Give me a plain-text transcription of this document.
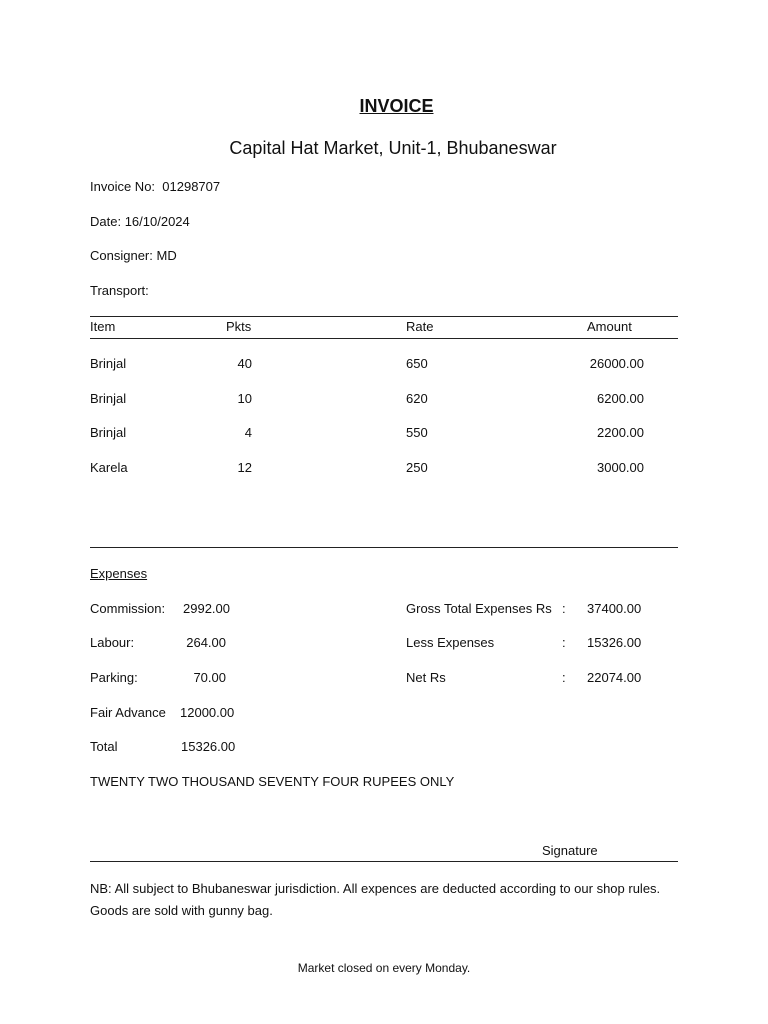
INVOICE
Capital Hat Market, Unit-1, Bhubaneswar
Invoice No: 01298707
Date: 16/10/2024
Consigner: MD
Transport:
Item	Pkts	Rate	Amount
Brinjal	40	650	26000.00
Brinjal	10	620	6200.00
Brinjal	4	550	2200.00
Karela	12	250	3000.00
Expenses
Commission:	2992.00
Labour:	264.00
Parking:	70.00
Fair Advance 12000.00
Total	15326.00
Gross Total Expenses Rs : 37400.00
Less Expenses	: 15326.00
Net Rs	: 22074.00
TWENTY TWO THOUSAND SEVENTY FOUR RUPEES ONLY
Signature
NB: All subject to Bhubaneswar jurisdiction. All expences are deducted according to our shop rules. Goods are sold with gunny bag.
Market closed on every Monday.
